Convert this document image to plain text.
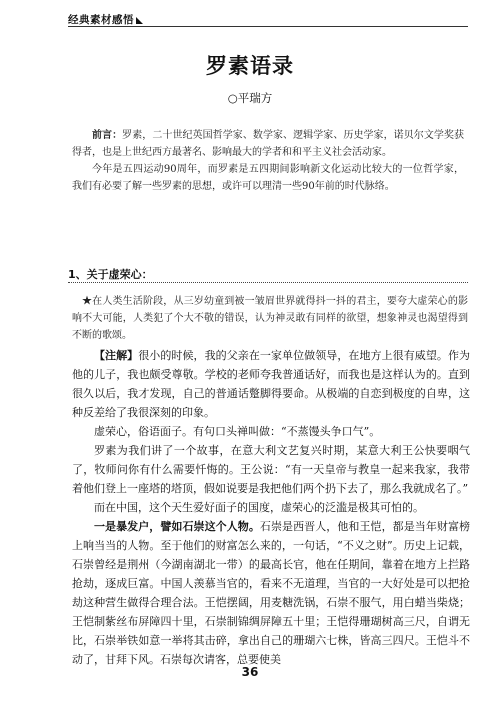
经典素材感悟
罗素语录
○平瑞方

前言：罗素，二十世纪英国哲学家、数学家、逻辑学家、历史学家，诺贝尔文学奖获得者，也是上世纪西方最著名、影响最大的学者和和平主义社会活动家。

今年是五四运动90周年，而罗素是五四期间影响新文化运动比较大的一位哲学家，我们有必要了解一些罗素的思想，或许可以理清一些90年前的时代脉络。

1、关于虚荣心：

★在人类生活阶段，从三岁幼童到被一皱眉世界就得抖一抖的君主，要夸大虚荣心的影响不大可能，人类犯了个大不敬的错误，认为神灵敢有同样的欲望，想象神灵也渴望得到不断的歌颂。

【注解】很小的时候，我的父亲在一家单位做领导，在地方上很有威望。作为他的儿子，我也颇受尊敬。学校的老师夸我普通话好，而我也是这样认为的。直到很久以后，我才发现，自己的普通话蹩脚得要命。从极端的自恋到极度的自卑，这种反差给了我很深刻的印象。

虚荣心，俗语面子。有句口头禅叫做：“不蒸馒头争口气”。

罗素为我们讲了一个故事，在意大利文艺复兴时期，某意大利王公快要咽气了，牧师问你有什么需要忏悔的。王公说：“有一天皇帝与教皇一起来我家，我带着他们登上一座塔的塔顶，假如说要是我把他们两个扔下去了，那么我就成名了。”

而在中国，这个天生爱好面子的国度，虚荣心的泛滥是极其可怕的。

一是暴发户，譬如石崇这个人物。石崇是西晋人，他和王恺，都是当年财富榜上响当当的人物。至于他们的财富怎么来的，一句话，“不义之财”。历史上记载，石崇曾经是荆州（今湖南湖北一带）的最高长官，他在任期间，靠着在地方上拦路抢劫，逐成巨富。中国人羡慕当官的，看来不无道理，当官的一大好处是可以把抢劫这种营生做得合理合法。王恺摆阔，用麦糖洗锅，石崇不服气，用白蜡当柴烧；王恺制紫丝布屏障四十里，石崇制锦绸屏障五十里；王恺得珊瑚树高三尺，自谓无比，石崇举铁如意一举将其击碎，拿出自己的珊瑚六七株，皆高三四尺。王恺斗不动了，甘拜下风。石崇每次请客，总要使美

36
